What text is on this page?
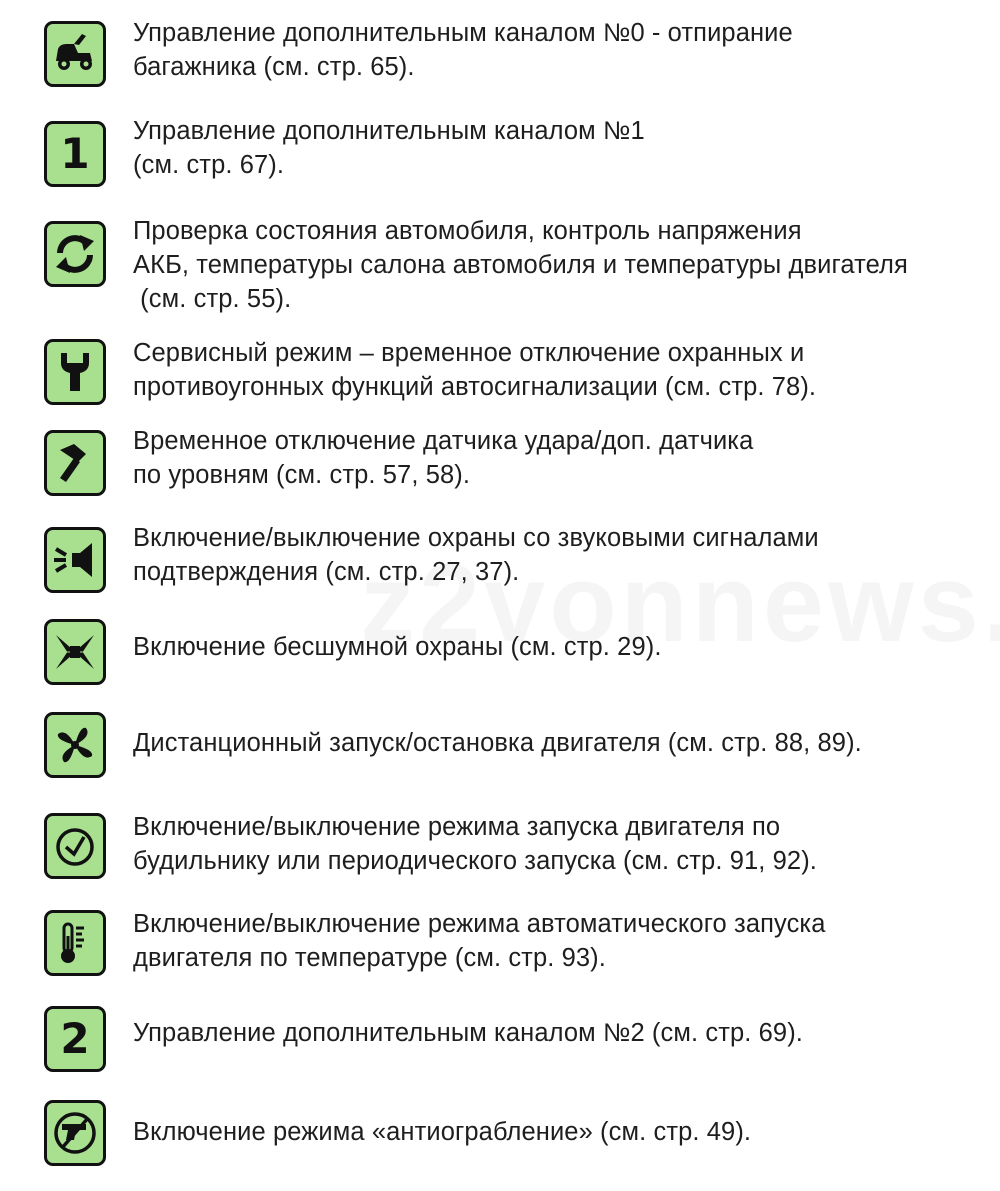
Управление дополнительным каналом №0 - отпирание
багажника (см. стр. 65).

1 Управление дополнительным каналом №1
(см. стр. 67).

Проверка состояния автомобиля, контроль напряжения
АКБ, температуры салона автомобиля и температуры двигателя
(см. стр. 55).

Сервисный режим – временное отключение охранных и
противоугонных функций автосигнализации (см. стр. 78).

Временное отключение датчика удара/доп. датчика
по уровням (см. стр. 57, 58).

Включение/выключение охраны со звуковыми сигналами
подтверждения (см. стр. 27, 37).

Включение бесшумной охраны (см. стр. 29).

Дистанционный запуск/остановка двигателя (см. стр. 88, 89).

Включение/выключение режима запуска двигателя по
будильнику или периодического запуска (см. стр. 91, 92).

Включение/выключение режима автоматического запуска
двигателя по температуре (см. стр. 93).

2 Управление дополнительным каналом №2 (см. стр. 69).

Включение режима «антиограбление» (см. стр. 49).
